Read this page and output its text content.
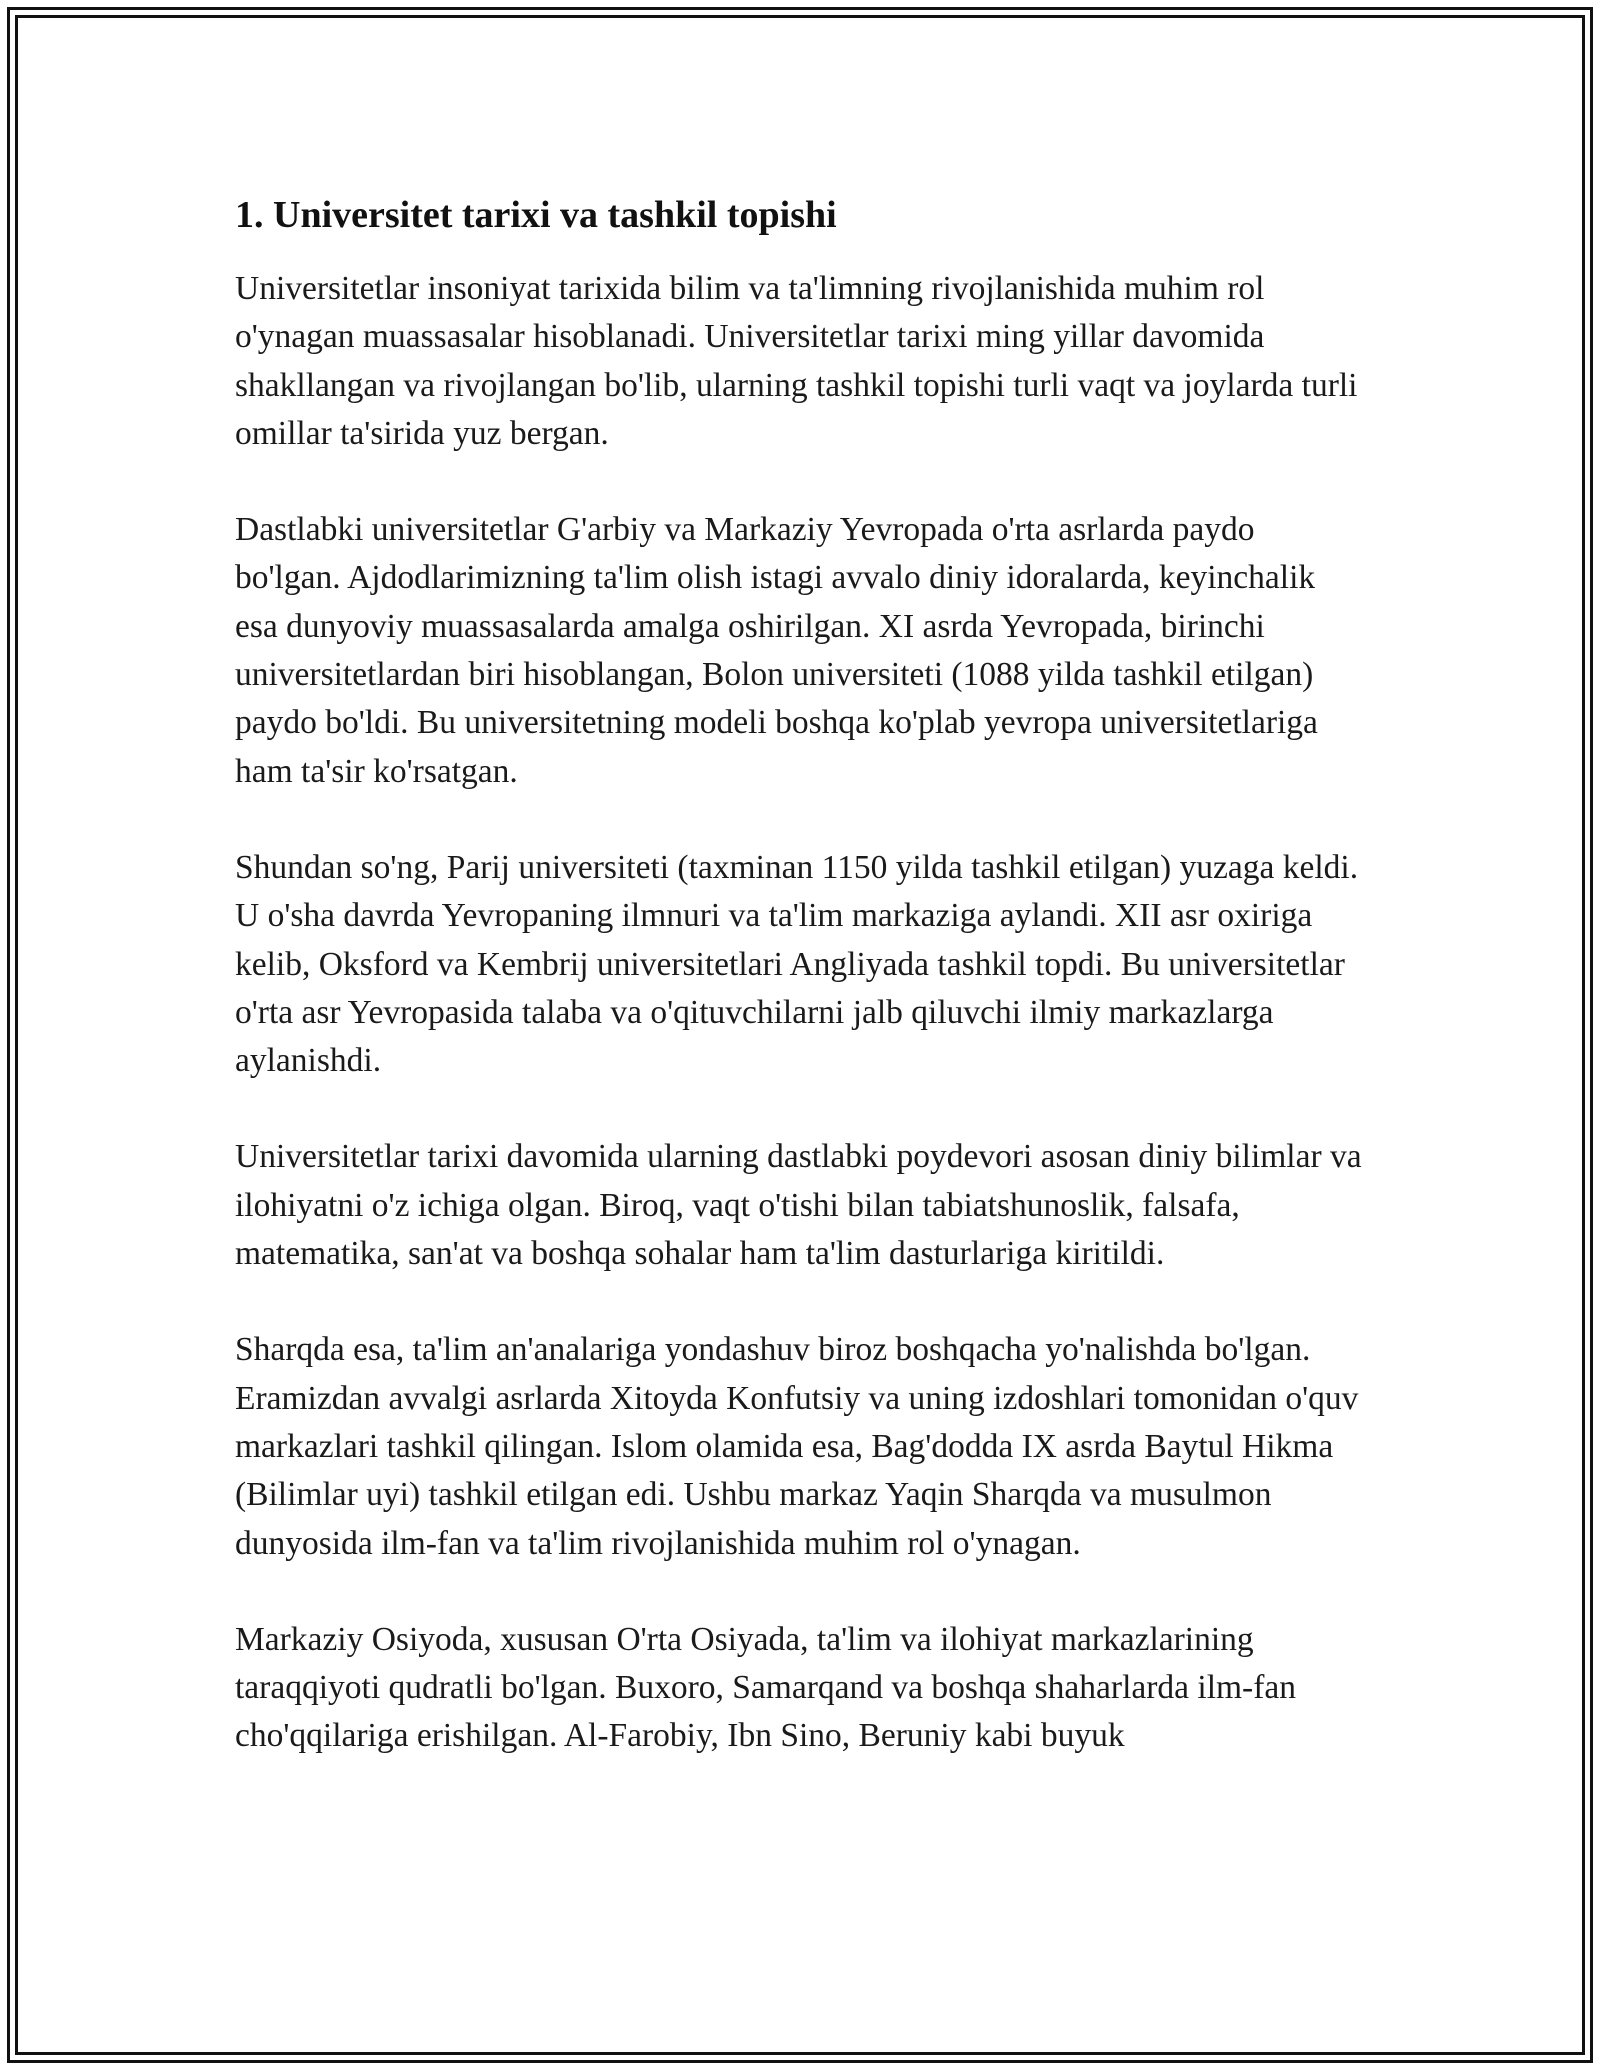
1. Universitet tarixi va tashkil topishi

Universitetlar insoniyat tarixida bilim va ta'limning rivojlanishida muhim rol o'ynagan muassasalar hisoblanadi. Universitetlar tarixi ming yillar davomida shakllangan va rivojlangan bo'lib, ularning tashkil topishi turli vaqt va joylarda turli omillar ta'sirida yuz bergan.

Dastlabki universitetlar G'arbiy va Markaziy Yevropada o'rta asrlarda paydo bo'lgan. Ajdodlarimizning ta'lim olish istagi avvalo diniy idoralarda, keyinchalik esa dunyoviy muassasalarda amalga oshirilgan. XI asrda Yevropada, birinchi universitetlardan biri hisoblangan, Bolon universiteti (1088 yilda tashkil etilgan) paydo bo'ldi. Bu universitetning modeli boshqa ko'plab yevropa universitetlariga ham ta'sir ko'rsatgan.

Shundan so'ng, Parij universiteti (taxminan 1150 yilda tashkil etilgan) yuzaga keldi. U o'sha davrda Yevropaning ilmnuri va ta'lim markaziga aylandi. XII asr oxiriga kelib, Oksford va Kembrij universitetlari Angliyada tashkil topdi. Bu universitetlar o'rta asr Yevropasida talaba va o'qituvchilarni jalb qiluvchi ilmiy markazlarga aylanishdi.

Universitetlar tarixi davomida ularning dastlabki poydevori asosan diniy bilimlar va ilohiyatni o'z ichiga olgan. Biroq, vaqt o'tishi bilan tabiatshunoslik, falsafa, matematika, san'at va boshqa sohalar ham ta'lim dasturlariga kiritildi.

Sharqda esa, ta'lim an'analariga yondashuv biroz boshqacha yo'nalishda bo'lgan. Eramizdan avvalgi asrlarda Xitoyda Konfutsiy va uning izdoshlari tomonidan o'quv markazlari tashkil qilingan. Islom olamida esa, Bag'dodda IX asrda Baytul Hikma (Bilimlar uyi) tashkil etilgan edi. Ushbu markaz Yaqin Sharqda va musulmon dunyosida ilm-fan va ta'lim rivojlanishida muhim rol o'ynagan.

Markaziy Osiyoda, xususan O'rta Osiyada, ta'lim va ilohiyat markazlarining taraqqiyoti qudratli bo'lgan. Buxoro, Samarqand va boshqa shaharlarda ilm-fan cho'qqilariga erishilgan. Al-Farobiy, Ibn Sino, Beruniy kabi buyuk
